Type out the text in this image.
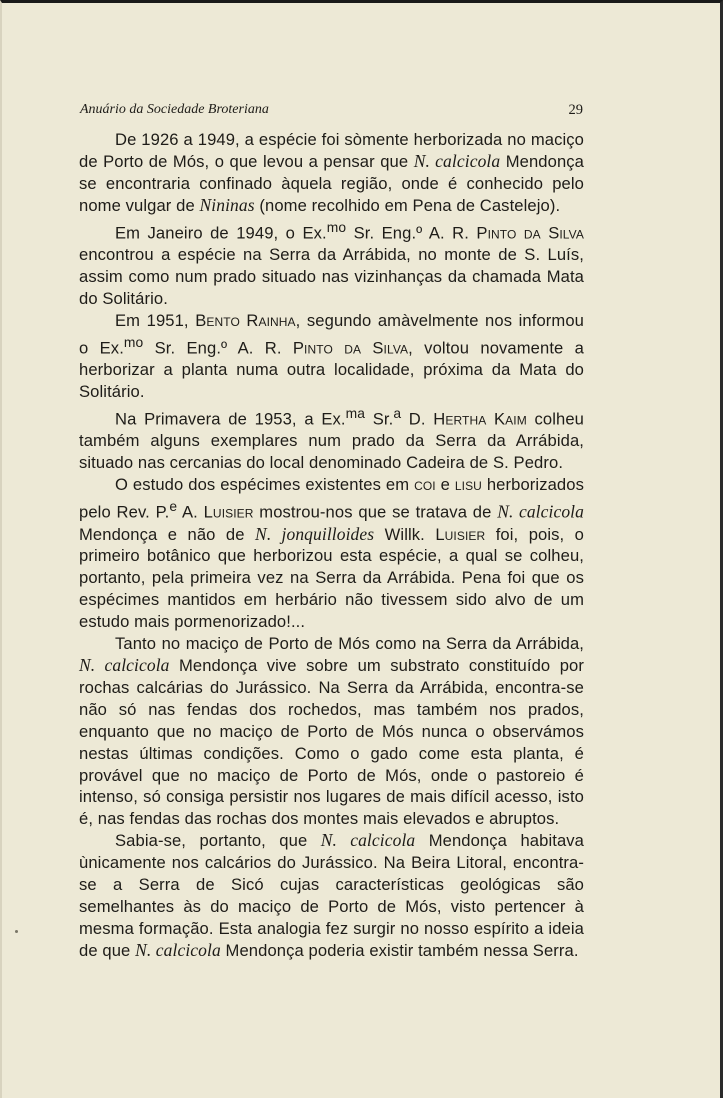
Anuário da Sociedade Broteriana	29

De 1926 a 1949, a espécie foi sòmente herborizada no maciço de Porto de Mós, o que levou a pensar que N. calcicola Mendonça se encontraria confinado àquela região, onde é conhecido pelo nome vulgar de Nininas (nome recolhido em Pena de Castelejo).

Em Janeiro de 1949, o Ex.$^{mo}$ Sr. Eng.º A. R. Pinto da Silva encontrou a espécie na Serra da Arrábida, no monte de S. Luís, assim como num prado situado nas vizinhanças da chamada Mata do Solitário.

Em 1951, Bento Rainha, segundo amàvelmente nos informou o Ex.$^{mo}$ Sr. Eng.º A. R. Pinto da Silva, voltou novamente a herborizar a planta numa outra localidade, próxima da Mata do Solitário.

Na Primavera de 1953, a Ex.$^{ma}$ Sr.$^a$ D. Hertha Kaim colheu também alguns exemplares num prado da Serra da Arrábida, situado nas cercanias do local denominado Cadeira de S. Pedro.

O estudo dos espécimes existentes em coi e lisu herborizados pelo Rev. P.$^e$ A. Luisier mostrou-nos que se tratava de N. calcicola Mendonça e não de N. jonquilloides Willk. Luisier foi, pois, o primeiro botânico que herborizou esta espécie, a qual se colheu, portanto, pela primeira vez na Serra da Arrábida. Pena foi que os espécimes mantidos em herbário não tivessem sido alvo de um estudo mais pormenorizado!...

Tanto no maciço de Porto de Mós como na Serra da Arrábida, N. calcicola Mendonça vive sobre um substrato constituído por rochas calcárias do Jurássico. Na Serra da Arrábida, encontra-se não só nas fendas dos rochedos, mas também nos prados, enquanto que no maciço de Porto de Mós nunca o observámos nestas últimas condições. Como o gado come esta planta, é provável que no maciço de Porto de Mós, onde o pastoreio é intenso, só consiga persistir nos lugares de mais difícil acesso, isto é, nas fendas das rochas dos montes mais elevados e abruptos.

Sabia-se, portanto, que N. calcicola Mendonça habitava ùnicamente nos calcários do Jurássico. Na Beira Litoral, encontra-se a Serra de Sicó cujas características geológicas são semelhantes às do maciço de Porto de Mós, visto pertencer à mesma formação. Esta analogia fez surgir no nosso espírito a ideia de que N. calcicola Mendonça poderia existir também nessa Serra.
